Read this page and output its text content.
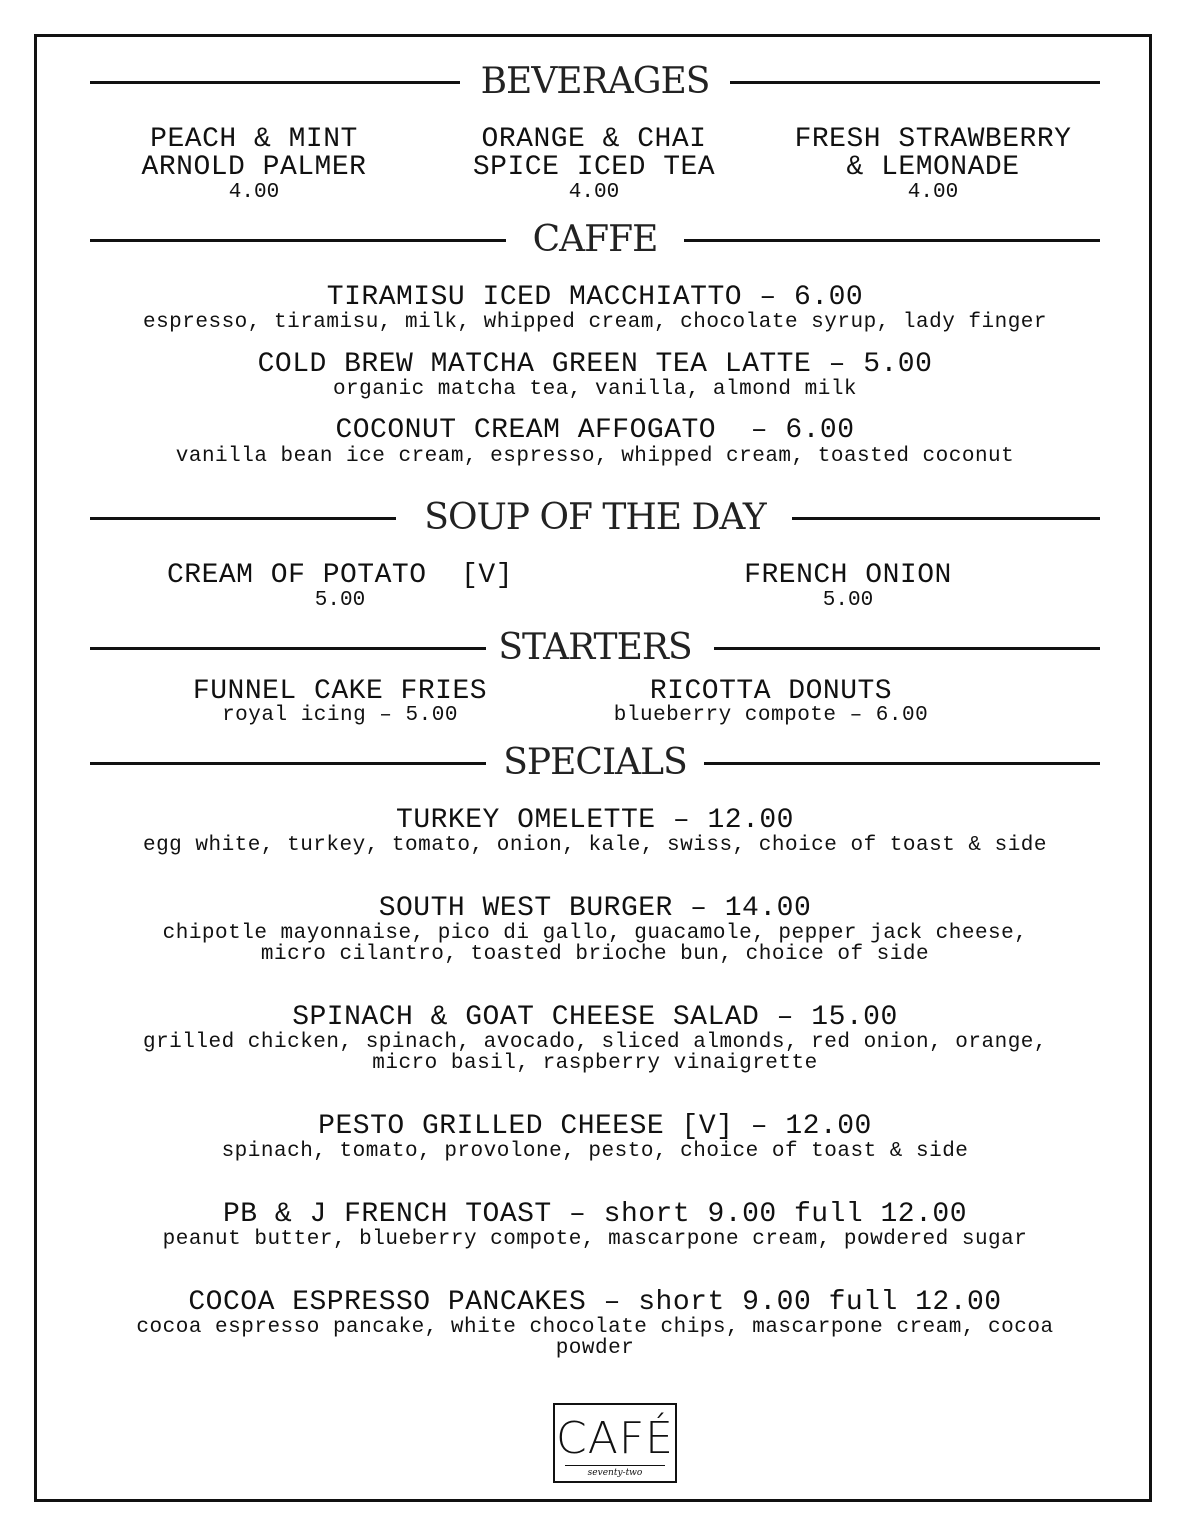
BEVERAGES
PEACH & MINT
ARNOLD PALMER
4.00
ORANGE & CHAI
SPICE ICED TEA
4.00
FRESH STRAWBERRY
& LEMONADE
4.00
CAFFE
TIRAMISU ICED MACCHIATTO – 6.00
espresso, tiramisu, milk, whipped cream, chocolate syrup, lady finger
COLD BREW MATCHA GREEN TEA LATTE – 5.00
organic matcha tea, vanilla, almond milk
COCONUT CREAM AFFOGATO  – 6.00
vanilla bean ice cream, espresso, whipped cream, toasted coconut
SOUP OF THE DAY
CREAM OF POTATO  [V]
5.00
FRENCH ONION
5.00
STARTERS
FUNNEL CAKE FRIES
royal icing – 5.00
RICOTTA DONUTS
blueberry compote – 6.00
SPECIALS
TURKEY OMELETTE – 12.00
egg white, turkey, tomato, onion, kale, swiss, choice of toast & side
SOUTH WEST BURGER – 14.00
chipotle mayonnaise, pico di gallo, guacamole, pepper jack cheese,
micro cilantro, toasted brioche bun, choice of side
SPINACH & GOAT CHEESE SALAD – 15.00
grilled chicken, spinach, avocado, sliced almonds, red onion, orange,
micro basil, raspberry vinaigrette
PESTO GRILLED CHEESE [V] – 12.00
spinach, tomato, provolone, pesto, choice of toast & side
PB & J FRENCH TOAST – short 9.00 full 12.00
peanut butter, blueberry compote, mascarpone cream, powdered sugar
COCOA ESPRESSO PANCAKES – short 9.00 full 12.00
cocoa espresso pancake, white chocolate chips, mascarpone cream, cocoa
powder
CAFÉ
seventy-two
